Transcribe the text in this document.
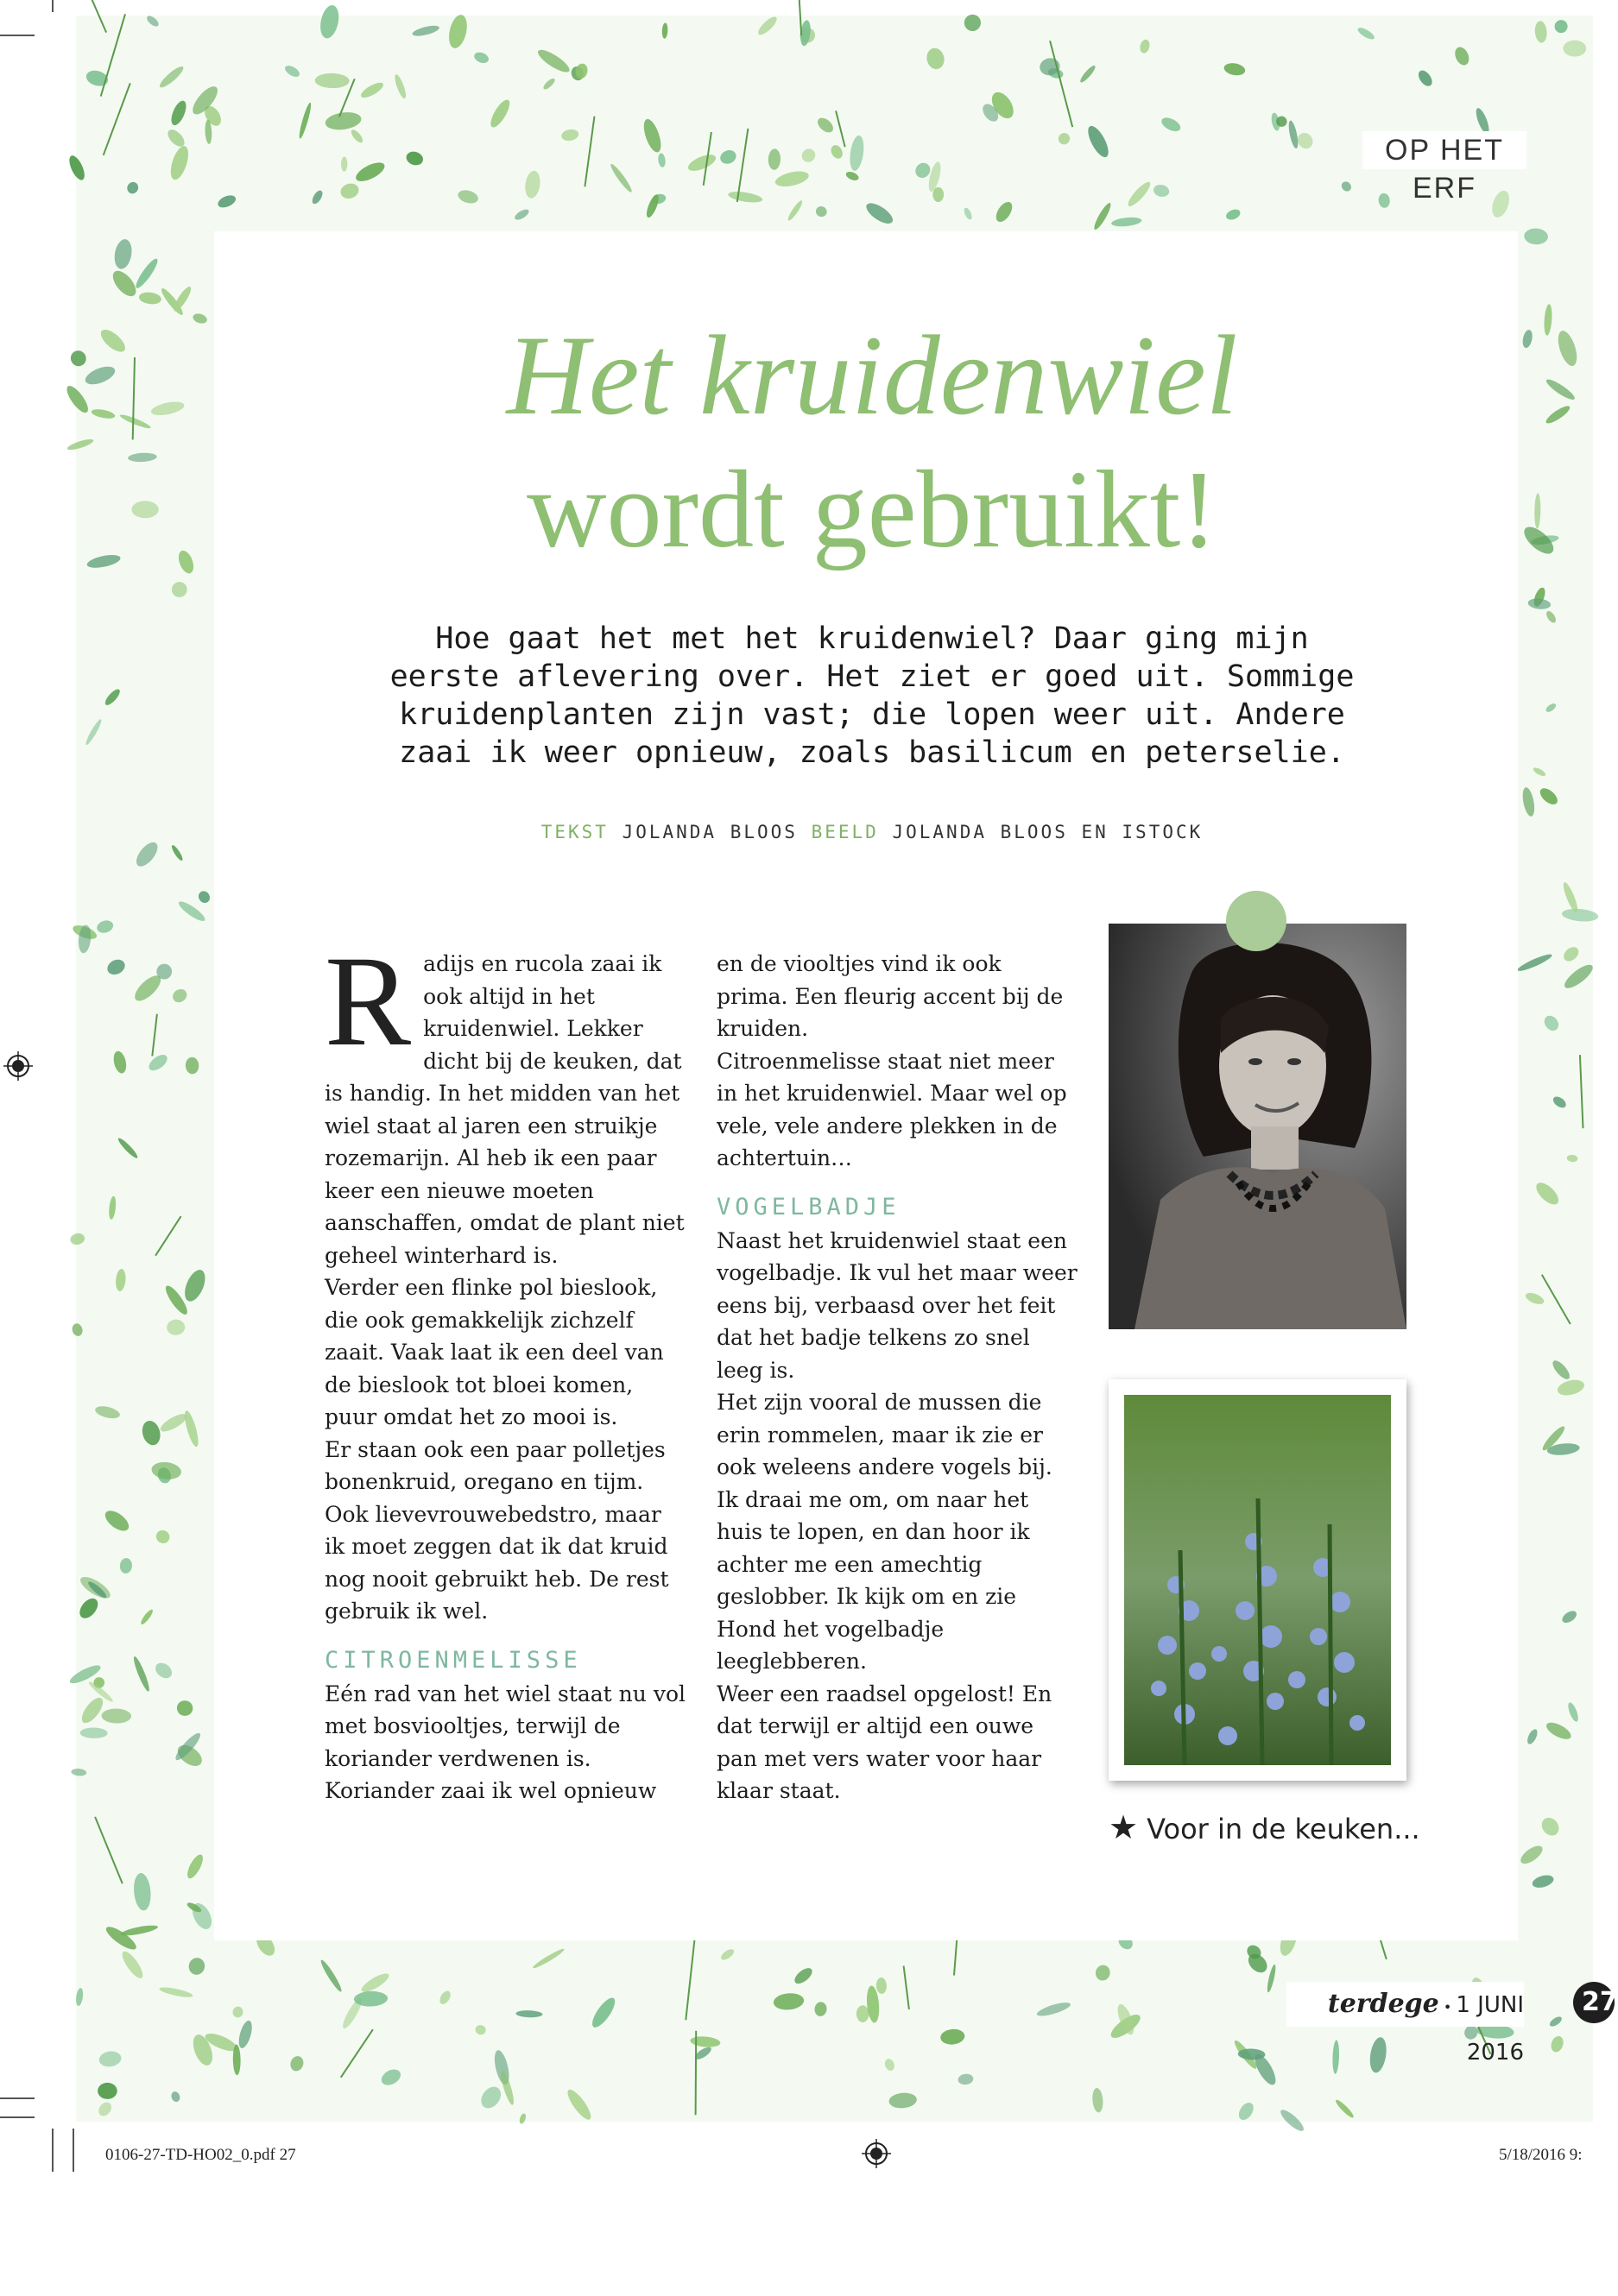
OP HET ERF
Het kruidenwiel
wordt gebruikt!
Hoe gaat het met het kruidenwiel? Daar ging mijn
eerste aflevering over. Het ziet er goed uit. Sommige
kruidenplanten zijn vast; die lopen weer uit. Andere
zaai ik weer opnieuw, zoals basilicum en peterselie.
TEKST JOLANDA BLOOS BEELD JOLANDA BLOOS EN ISTOCK
R adijs en rucola zaai ik ook altijd in het kruidenwiel. Lekker dicht bij de keuken, dat is handig. In het midden van het wiel staat al jaren een struikje rozemarijn. Al heb ik een paar keer een nieuwe moeten aanschaffen, omdat de plant niet geheel winterhard is.

Verder een flinke pol bieslook, die ook gemakkelijk zichzelf zaait. Vaak laat ik een deel van de bieslook tot bloei komen, puur omdat het zo mooi is.

Er staan ook een paar polletjes bonenkruid, oregano en tijm. Ook lievevrouwebedstro, maar ik moet zeggen dat ik dat kruid nog nooit gebruikt heb. De rest gebruik ik wel.

CITROENMELISSE

Eén rad van het wiel staat nu vol met bosviooltjes, terwijl de koriander verdwenen is.

Koriander zaai ik wel opnieuw

en de viooltjes vind ik ook prima. Een fleurig accent bij de kruiden.

Citroenmelisse staat niet meer in het kruidenwiel. Maar wel op vele, vele andere plekken in de achtertuin…

VOGELBADJE

Naast het kruidenwiel staat een vogelbadje. Ik vul het maar weer eens bij, verbaasd over het feit dat het badje telkens zo snel leeg is.

Het zijn vooral de mussen die erin rommelen, maar ik zie er ook weleens andere vogels bij.

Ik draai me om, om naar het huis te lopen, en dan hoor ik achter me een amechtig geslobber. Ik kijk om en zie Hond het vogelbadje leeglebberen.

Weer een raadsel opgelost! En dat terwijl er altijd een ouwe pan met vers water voor haar klaar staat.

★ Voor in de keuken...
terdege • 1 JUNI 2016
27
0106-27-TD-HO02_0.pdf 27	5/18/2016 9:
